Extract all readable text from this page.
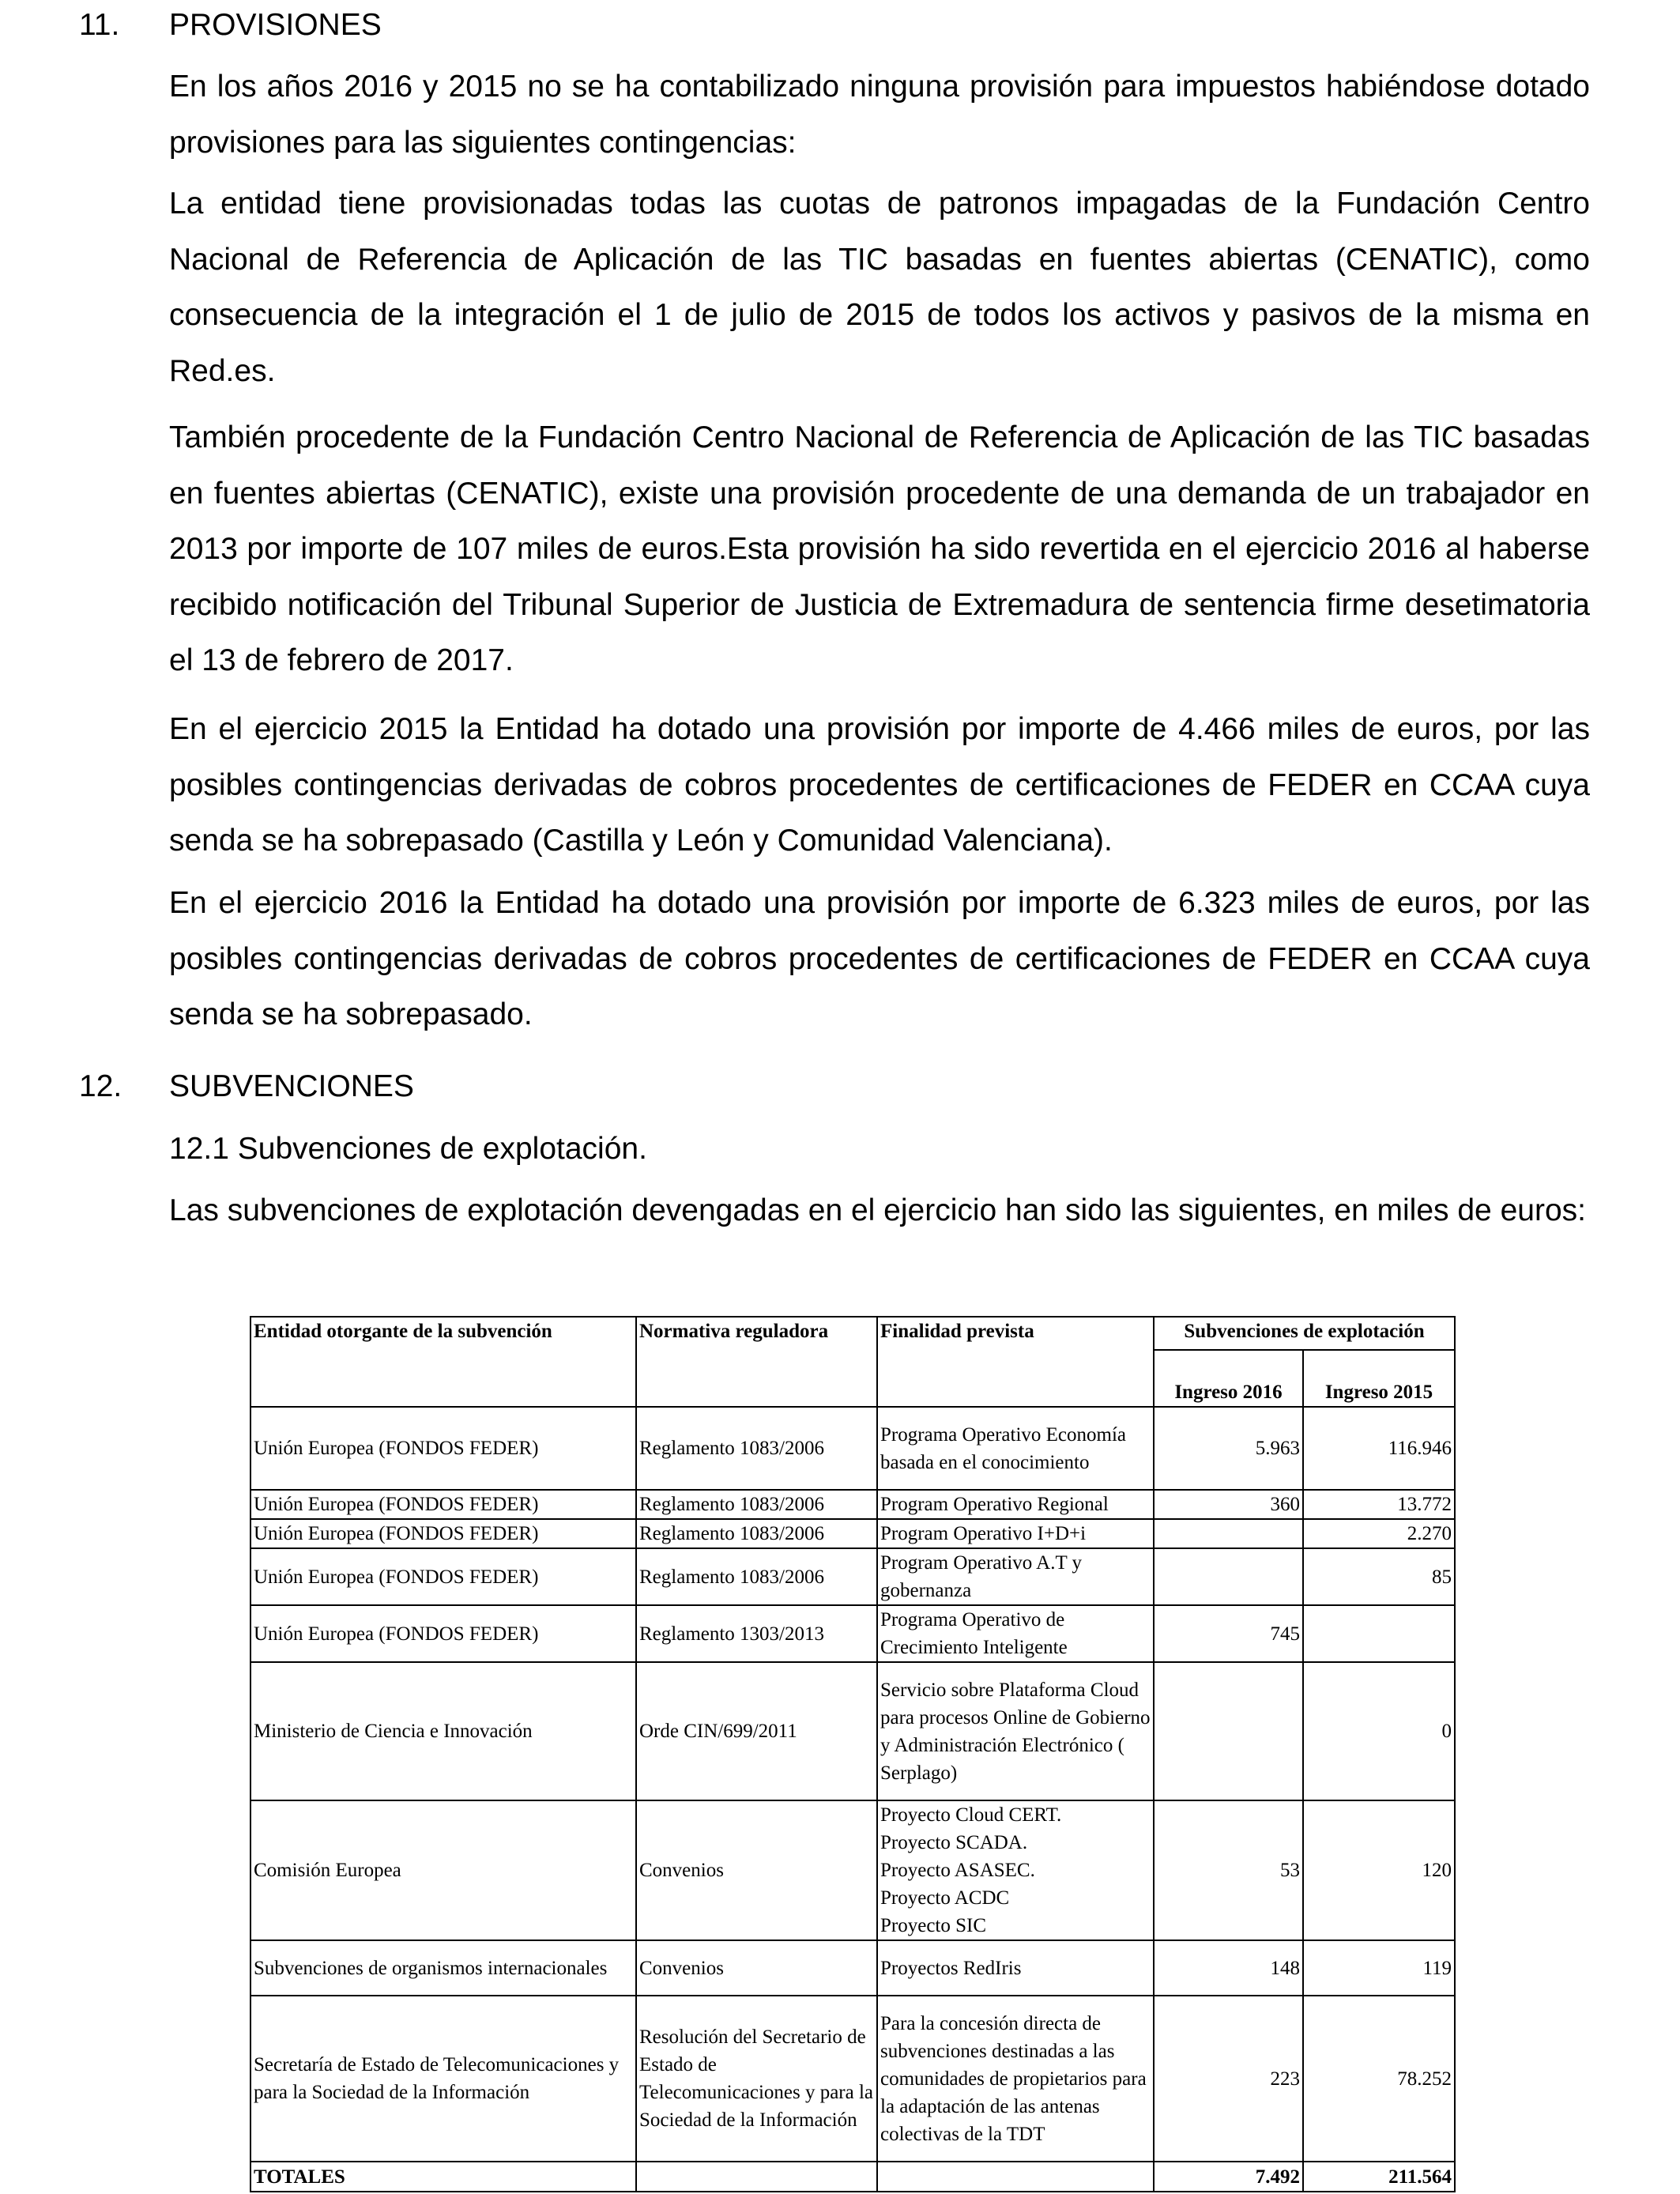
11. PROVISIONES

En los años 2016 y 2015 no se ha contabilizado ninguna provisión para impuestos habiéndose dotado provisiones para las siguientes contingencias:

La entidad tiene provisionadas todas las cuotas de patronos impagadas de la Fundación Centro Nacional de Referencia de Aplicación de las TIC basadas en fuentes abiertas (CENATIC), como consecuencia de la integración el 1 de julio de 2015 de todos los activos y pasivos de la misma en Red.es.

También procedente de la Fundación Centro Nacional de Referencia de Aplicación de las TIC basadas en fuentes abiertas (CENATIC), existe una provisión procedente de una demanda de un trabajador en 2013 por importe de 107 miles de euros.Esta provisión ha sido revertida en el ejercicio 2016 al haberse recibido notificación del Tribunal Superior de Justicia de Extremadura de sentencia firme desetimatoria el 13 de febrero de 2017.

En el ejercicio 2015 la Entidad ha dotado una provisión por importe de 4.466 miles de euros, por las posibles contingencias derivadas de cobros procedentes de certificaciones de FEDER en CCAA cuya senda se ha sobrepasado (Castilla y León y Comunidad Valenciana).

En el ejercicio 2016 la Entidad ha dotado una provisión por importe de 6.323 miles de euros, por las posibles contingencias derivadas de cobros procedentes de certificaciones de FEDER en CCAA cuya senda se ha sobrepasado.

12. SUBVENCIONES
12.1 Subvenciones de explotación.

Las subvenciones de explotación devengadas en el ejercicio han sido las siguientes, en miles de euros:

Entidad otorgante de la subvención	Normativa reguladora	Finalidad prevista	Subvenciones de explotación	
			Ingreso 2016	Ingreso 2015
Unión Europea (FONDOS FEDER)	Reglamento 1083/2006	Programa Operativo Economía basada en el conocimiento	5.963	116.946
Unión Europea (FONDOS FEDER)	Reglamento 1083/2006	Program Operativo Regional	360	13.772
Unión Europea (FONDOS FEDER)	Reglamento 1083/2006	Program Operativo I+D+i		2.270
Unión Europea (FONDOS FEDER)	Reglamento 1083/2006	Program Operativo A.T y gobernanza		85
Unión Europea (FONDOS FEDER)	Reglamento 1303/2013	Programa Operativo de Crecimiento Inteligente	745	
Ministerio de Ciencia e Innovación	Orde CIN/699/2011	Servicio sobre Plataforma Cloud para procesos Online de Gobierno y Administración Electrónico ( Serplago)		0
Comisión Europea	Convenios	Proyecto Cloud CERT.
Proyecto SCADA.
Proyecto ASASEC.
Proyecto ACDC
Proyecto SIC	53	120
Subvenciones de organismos internacionales	Convenios	Proyectos RedIris	148	119
Secretaría de Estado de Telecomunicaciones y para la Sociedad de la Información	Resolución del Secretario de Estado de Telecomunicaciones y para la Sociedad de la Información	Para la concesión directa de subvenciones destinadas a las comunidades de propietarios para la adaptación de las antenas colectivas de la TDT	223	78.252
TOTALES			7.492	211.564
